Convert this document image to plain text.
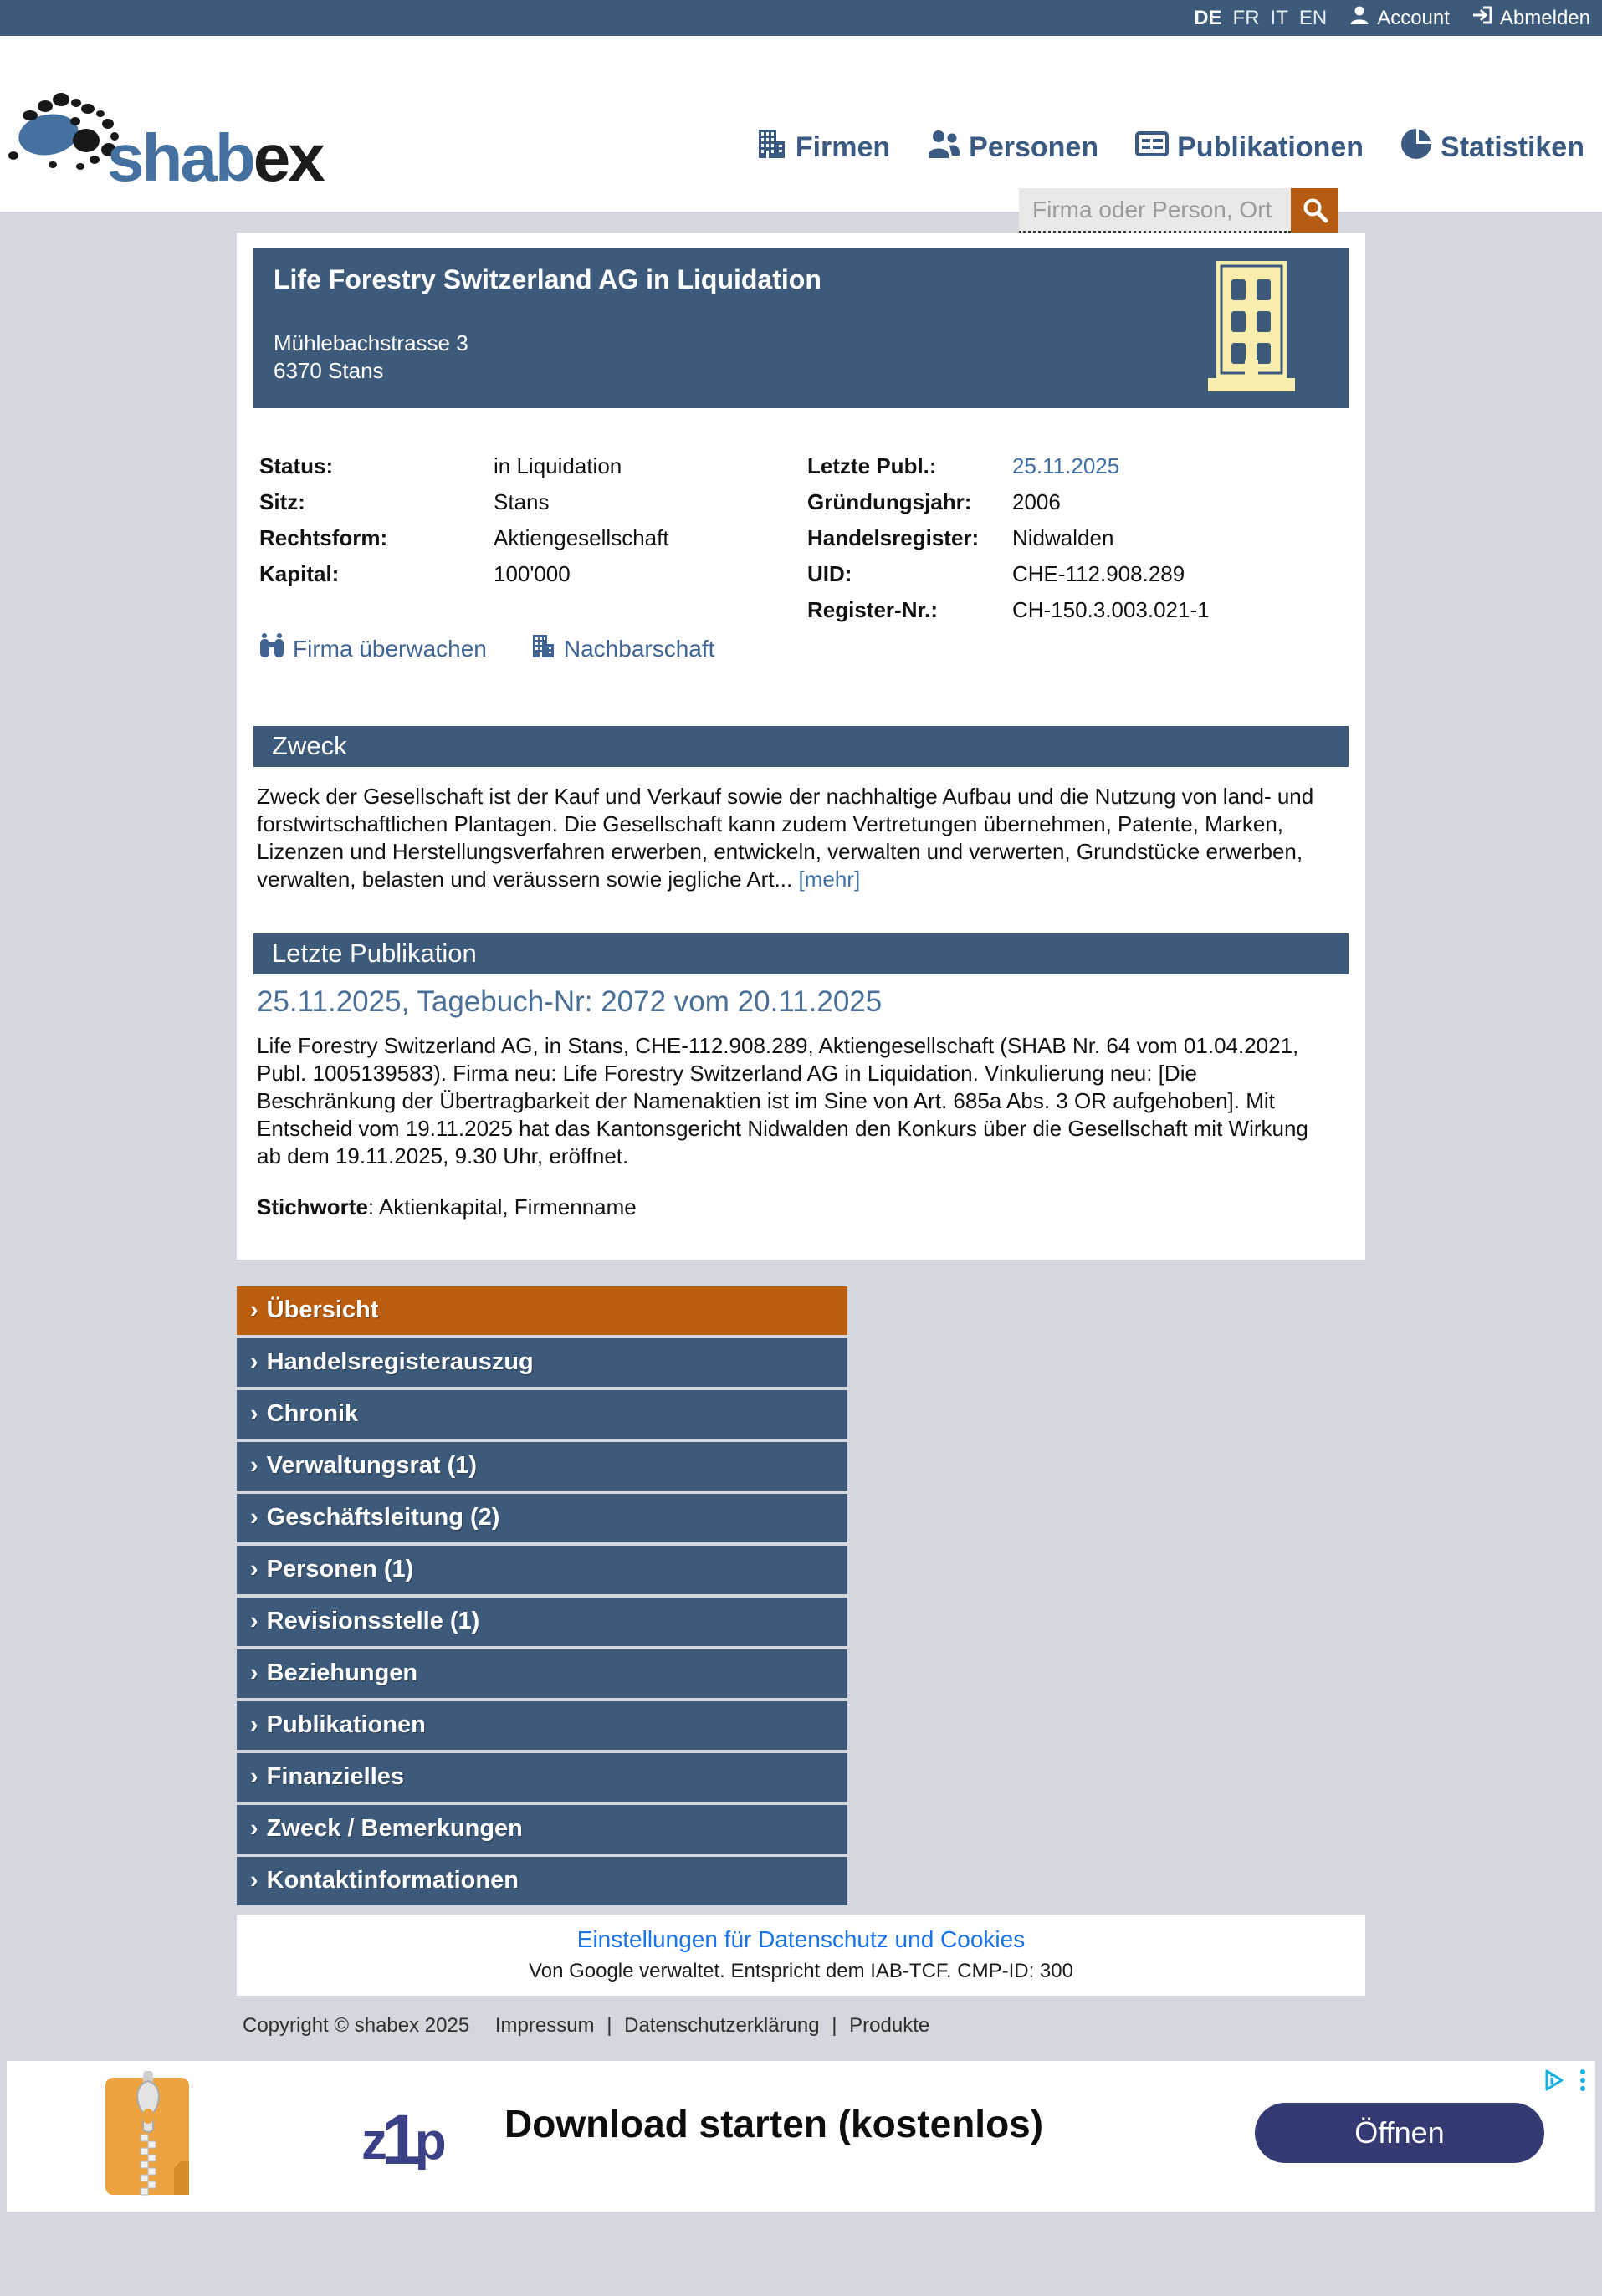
DE FR IT EN	Account	Abmelden
shabex	Firmen	Personen	Publikationen	Statistiken
Firma oder Person, Ort
Life Forestry Switzerland AG in Liquidation
Mühlebachstrasse 3
6370 Stans
Status:	in Liquidation
Sitz:	Stans
Rechtsform:	Aktiengesellschaft
Kapital:	100'000
Letzte Publ.:	25.11.2025
Gründungsjahr:	2006
Handelsregister:	Nidwalden
UID:	CHE-112.908.289
Register-Nr.:	CH-150.3.003.021-1
Firma überwachen	Nachbarschaft
Zweck
Zweck der Gesellschaft ist der Kauf und Verkauf sowie der nachhaltige Aufbau und die Nutzung von land- und forstwirtschaftlichen Plantagen. Die Gesellschaft kann zudem Vertretungen übernehmen, Patente, Marken, Lizenzen und Herstellungsverfahren erwerben, entwickeln, verwalten und verwerten, Grundstücke erwerben, verwalten, belasten und veräussern sowie jegliche Art... [mehr]
Letzte Publikation
25.11.2025, Tagebuch-Nr: 2072 vom 20.11.2025
Life Forestry Switzerland AG, in Stans, CHE-112.908.289, Aktiengesellschaft (SHAB Nr. 64 vom 01.04.2021, Publ. 1005139583). Firma neu: Life Forestry Switzerland AG in Liquidation. Vinkulierung neu: [Die Beschränkung der Übertragbarkeit der Namenaktien ist im Sine von Art. 685a Abs. 3 OR aufgehoben]. Mit Entscheid vom 19.11.2025 hat das Kantonsgericht Nidwalden den Konkurs über die Gesellschaft mit Wirkung ab dem 19.11.2025, 9.30 Uhr, eröffnet.
Stichworte: Aktienkapital, Firmenname
› Übersicht
› Handelsregisterauszug
› Chronik
› Verwaltungsrat (1)
› Geschäftsleitung (2)
› Personen (1)
› Revisionsstelle (1)
› Beziehungen
› Publikationen
› Finanzielles
› Zweck / Bemerkungen
› Kontaktinformationen
Einstellungen für Datenschutz und Cookies
Von Google verwaltet. Entspricht dem IAB-TCF. CMP-ID: 300
Copyright © shabex 2025 Impressum | Datenschutzerklärung | Produkte
z1p Download starten (kostenlos)	Öffnen
